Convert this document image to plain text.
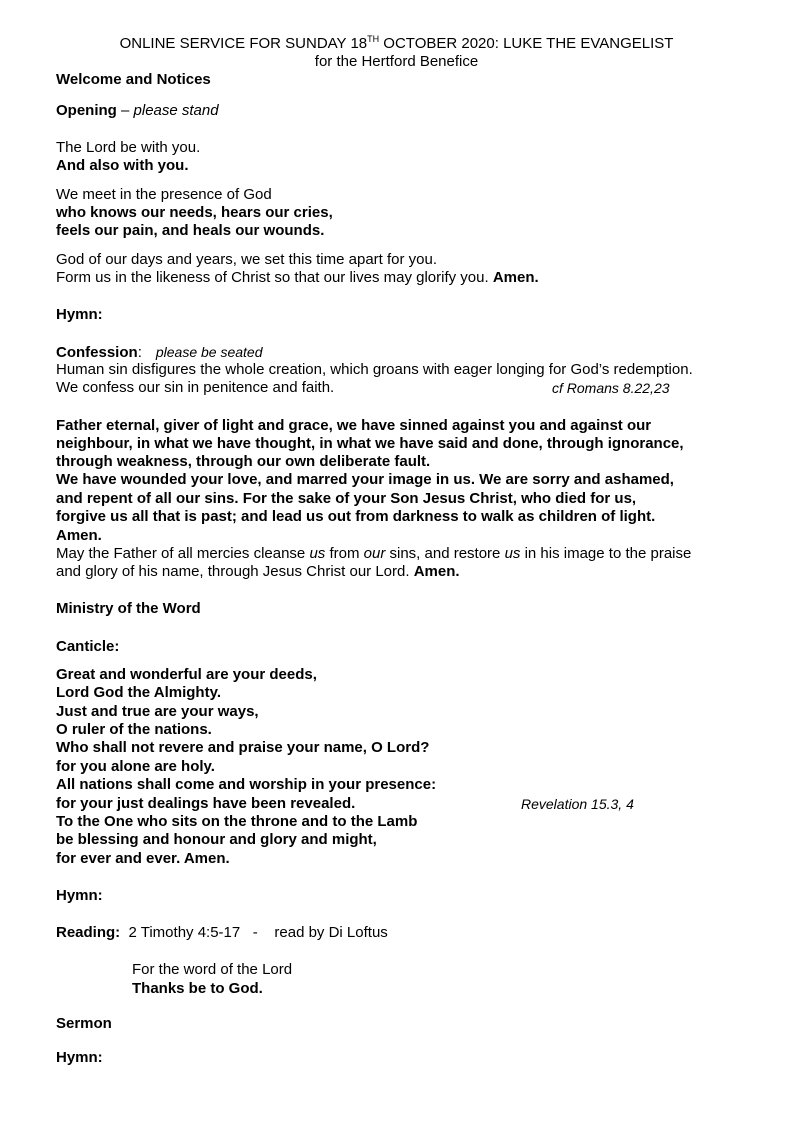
ONLINE SERVICE FOR SUNDAY 18TH OCTOBER 2020: LUKE THE EVANGELIST
for the Hertford Benefice
Welcome and Notices
Opening – please stand
The Lord be with you.
And also with you.
We meet in the presence of God
who knows our needs, hears our cries,
feels our pain, and heals our wounds.
God of our days and years, we set this time apart for you.
Form us in the likeness of Christ so that our lives may glorify you. Amen.
Hymn:
Confession: please be seated
Human sin disfigures the whole creation, which groans with eager longing for God’s redemption.
We confess our sin in penitence and faith.	cf Romans 8.22,23
Father eternal, giver of light and grace, we have sinned against you and against our
neighbour, in what we have thought, in what we have said and done, through ignorance,
through weakness, through our own deliberate fault.
We have wounded your love, and marred your image in us. We are sorry and ashamed,
and repent of all our sins. For the sake of your Son Jesus Christ, who died for us,
forgive us all that is past; and lead us out from darkness to walk as children of light.
Amen.
May the Father of all mercies cleanse us from our sins, and restore us in his image to the praise
and glory of his name, through Jesus Christ our Lord. Amen.
Ministry of the Word
Canticle:
Great and wonderful are your deeds,
Lord God the Almighty.
Just and true are your ways,
O ruler of the nations.
Who shall not revere and praise your name, O Lord?
for you alone are holy.
All nations shall come and worship in your presence:
for your just dealings have been revealed.	Revelation 15.3, 4
To the One who sits on the throne and to the Lamb
be blessing and honour and glory and might,
for ever and ever. Amen.
Hymn:
Reading:  2 Timothy 4:5-17   -    read by Di Loftus
For the word of the Lord
Thanks be to God.
Sermon
Hymn:
